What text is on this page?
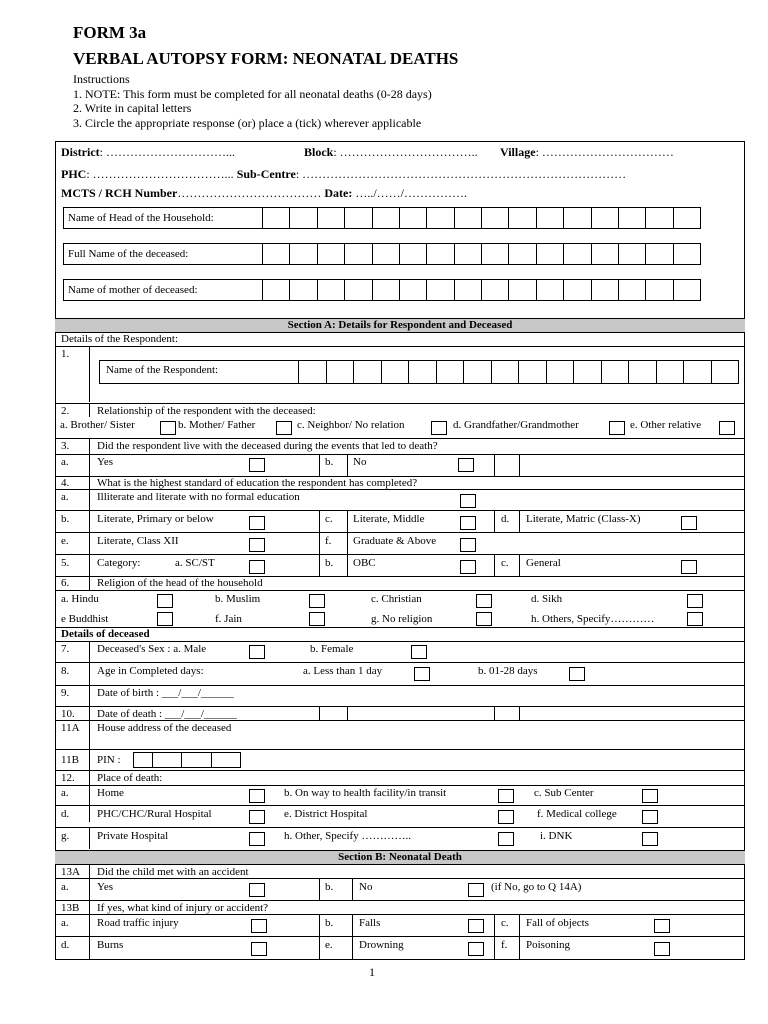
FORM 3a
VERBAL AUTOPSY FORM: NEONATAL DEATHS
Instructions
1. NOTE: This form must be completed for all neonatal deaths (0-28 days)
2. Write in capital letters
3. Circle the appropriate response (or) place a (tick) wherever applicable
District: …………………………...	Block: …………………………….. Village: ……………………………
PHC: ……………………………... Sub-Centre: ………………………………………………………………………
MCTS / RCH Number……………………………… Date: …../……/…………….
Name of Head of the Household:
Full Name of the deceased:
Name of mother of deceased:
Section A: Details for Respondent and Deceased
Details of the Respondent:
1.
Name of the Respondent:
2.	Relationship of the respondent with the deceased:
a. Brother/ Sister	b. Mother/ Father	c. Neighbor/ No relation	d. Grandfather/Grandmother	e. Other relative
3.	Did the respondent live with the deceased during the events that led to death?
a.	Yes	b. No
4.	What is the highest standard of education the respondent has completed?
a.	Illiterate and literate with no formal education
b.	Literate, Primary or below	c. Literate, Middle	d. Literate, Matric (Class-X)
e.	Literate, Class XII	f. Graduate & Above
5.	Category:	a. SC/ST	b. OBC	c. General
6.	Religion of the head of the household
a. Hindu	b. Muslim	c. Christian	d. Sikh
e Buddhist	f. Jain	g. No religion	h. Others, Specify…………
Details of deceased
7.	Deceased's Sex : a. Male	b. Female
8.	Age in Completed days:	a. Less than 1 day	b. 01-28 days
9.	Date of birth : ___/___/______
10. Date of death : ___/___/______
11A House address of the deceased
11B PIN :
12. Place of death:
a.	Home	b. On way to health facility/in transit	c. Sub Center
d.	PHC/CHC/Rural Hospital	e. District Hospital	f. Medical college
g.	Private Hospital	h. Other, Specify …………..	i. DNK
Section B: Neonatal Death
13A Did the child met with an accident
a.	Yes	b. No	(if No, go to Q 14A)
13B If yes, what kind of injury or accident?
a.	Road traffic injury	b. Falls	c. Fall of objects
d.	Burns	e. Drowning	f. Poisoning
1
